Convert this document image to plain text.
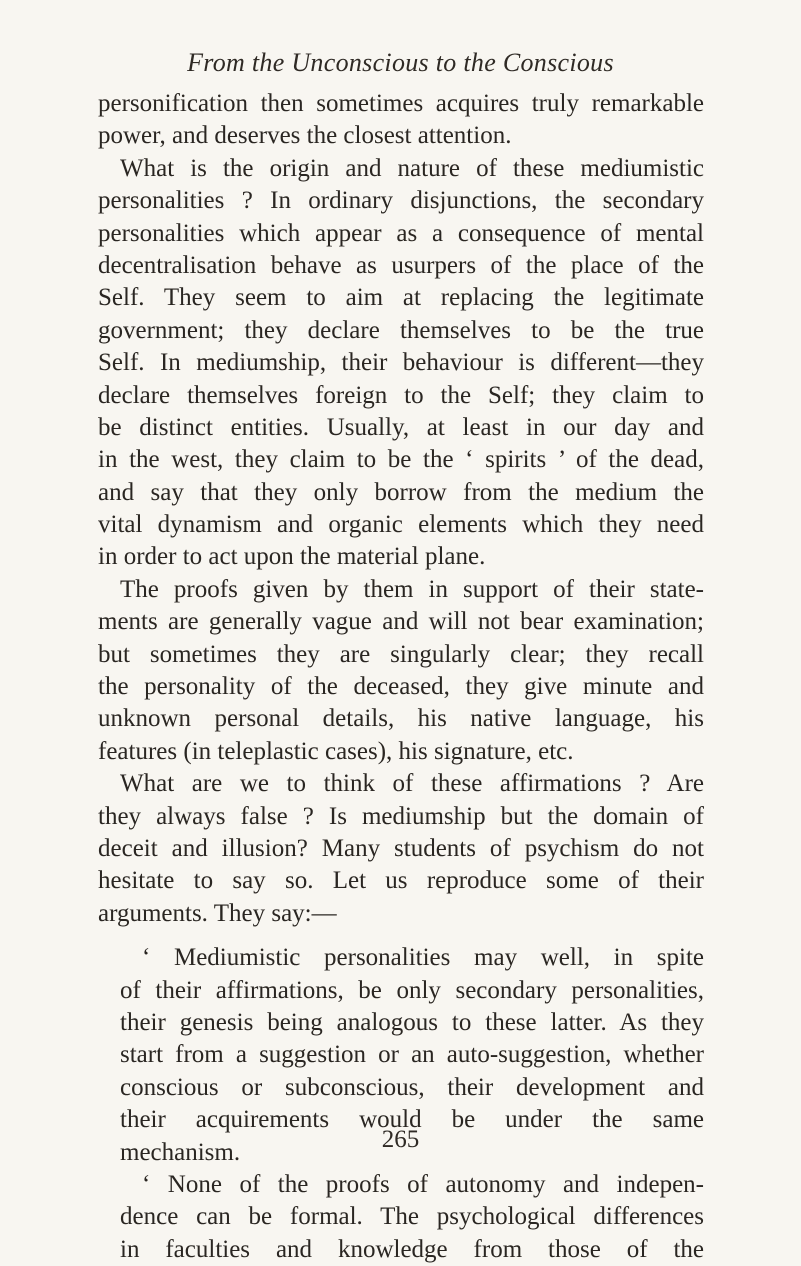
From the Unconscious to the Conscious
personification then sometimes acquires truly remarkable
power, and deserves the closest attention.
What is the origin and nature of these mediumistic
personalities ? In ordinary disjunctions, the secondary
personalities which appear as a consequence of mental
decentralisation behave as usurpers of the place of the
Self. They seem to aim at replacing the legitimate
government; they declare themselves to be the true
Self. In mediumship, their behaviour is different—they
declare themselves foreign to the Self; they claim to
be distinct entities. Usually, at least in our day and
in the west, they claim to be the ‘ spirits ’ of the dead,
and say that they only borrow from the medium the
vital dynamism and organic elements which they need
in order to act upon the material plane.
The proofs given by them in support of their state-
ments are generally vague and will not bear examination;
but sometimes they are singularly clear; they recall
the personality of the deceased, they give minute and
unknown personal details, his native language, his
features (in teleplastic cases), his signature, etc.
What are we to think of these affirmations ? Are
they always false ? Is mediumship but the domain of
deceit and illusion? Many students of psychism do not
hesitate to say so. Let us reproduce some of their
arguments. They say:—
‘ Mediumistic personalities may well, in spite
of their affirmations, be only secondary personalities,
their genesis being analogous to these latter. As they
start from a suggestion or an auto-suggestion, whether
conscious or subconscious, their development and
their acquirements would be under the same
mechanism.
‘ None of the proofs of autonomy and indepen-
dence can be formal. The psychological differences
in faculties and knowledge from those of the
265
